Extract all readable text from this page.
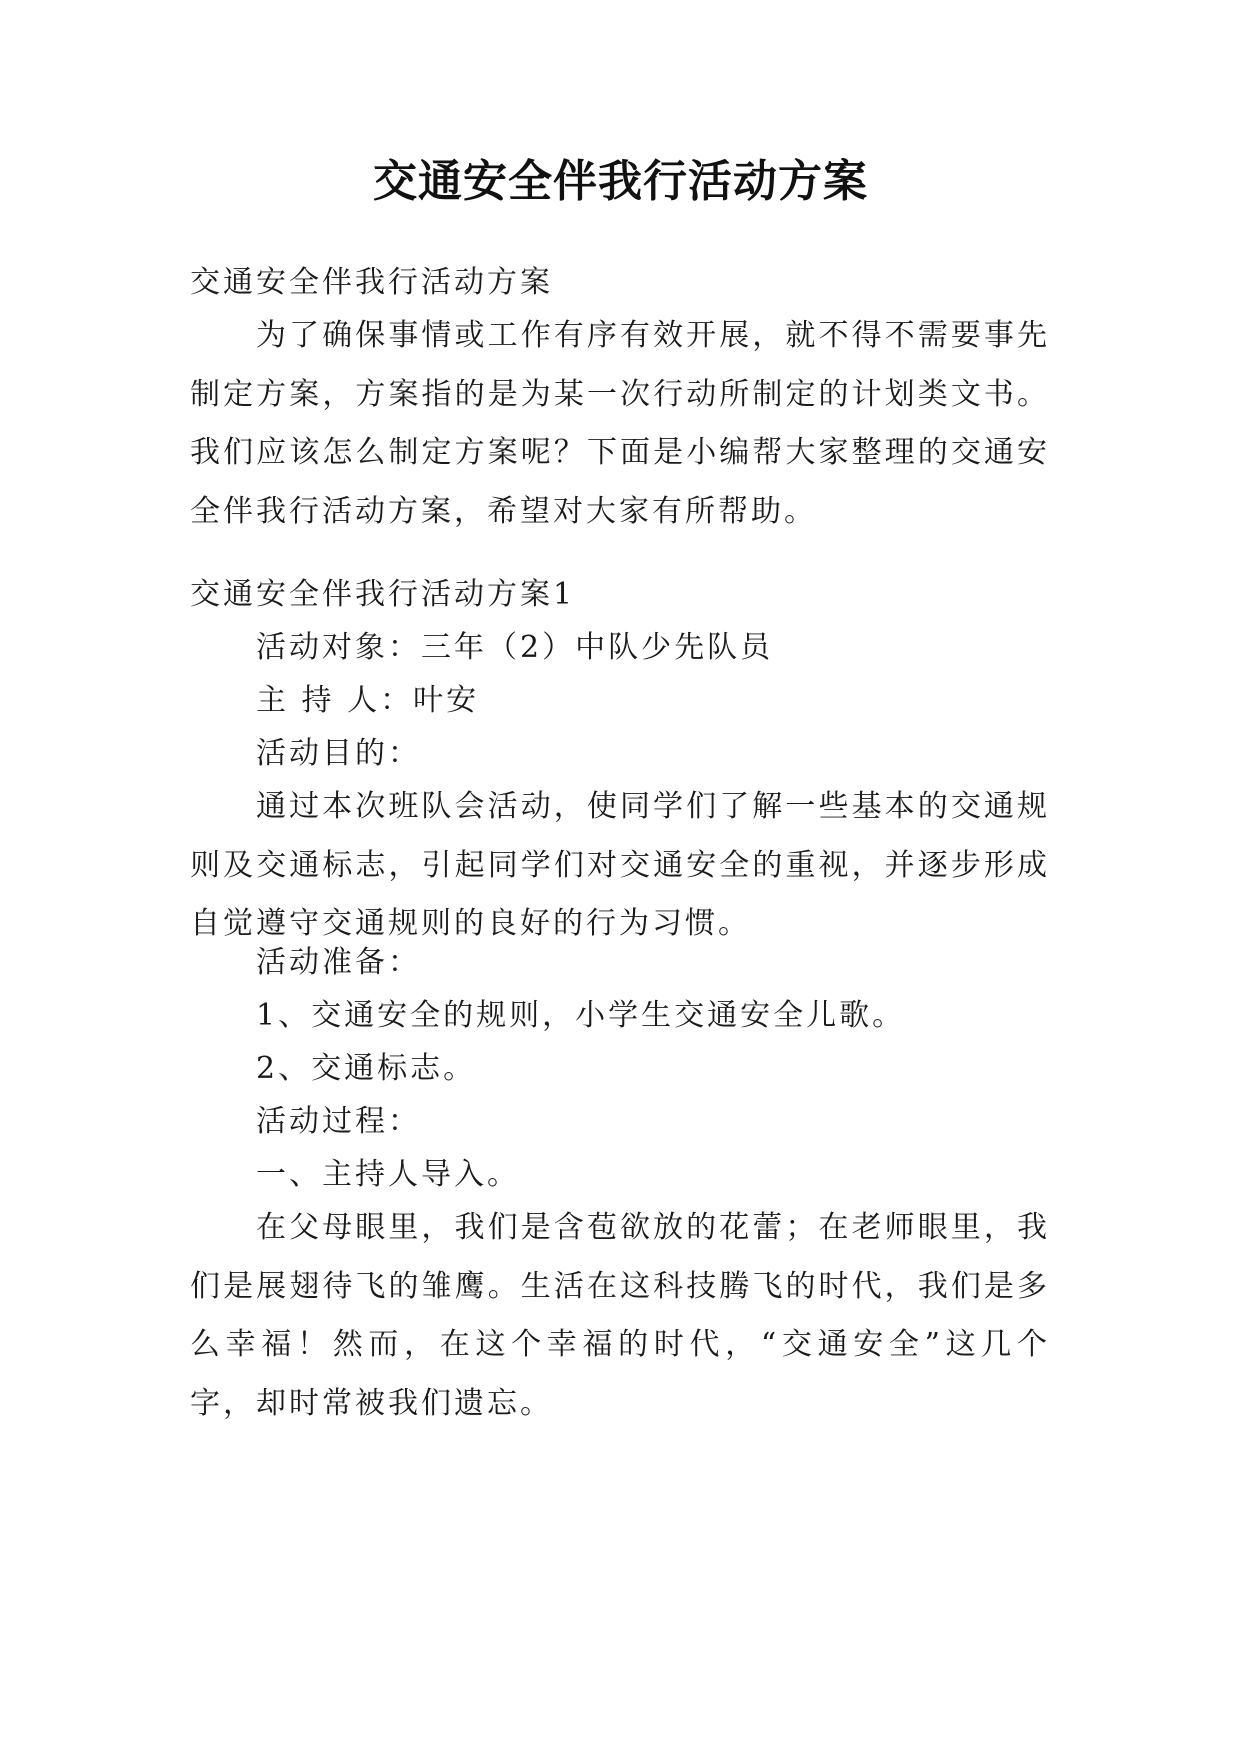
交通安全伴我行活动方案
交通安全伴我行活动方案
为了确保事情或工作有序有效开展，就不得不需要事先制定方案，方案指的是为某一次行动所制定的计划类文书。我们应该怎么制定方案呢？下面是小编帮大家整理的交通安全伴我行活动方案，希望对大家有所帮助。
交通安全伴我行活动方案1
活动对象：三年（2）中队少先队员
主 持 人：叶安
活动目的：
通过本次班队会活动，使同学们了解一些基本的交通规则及交通标志，引起同学们对交通安全的重视，并逐步形成自觉遵守交通规则的良好的行为习惯。
活动准备：
1、交通安全的规则，小学生交通安全儿歌。
2、交通标志。
活动过程：
一、主持人导入。
在父母眼里，我们是含苞欲放的花蕾；在老师眼里，我们是展翅待飞的雏鹰。生活在这科技腾飞的时代，我们是多么幸福！然而，在这个幸福的时代，“交通安全”这几个字，却时常被我们遗忘。
